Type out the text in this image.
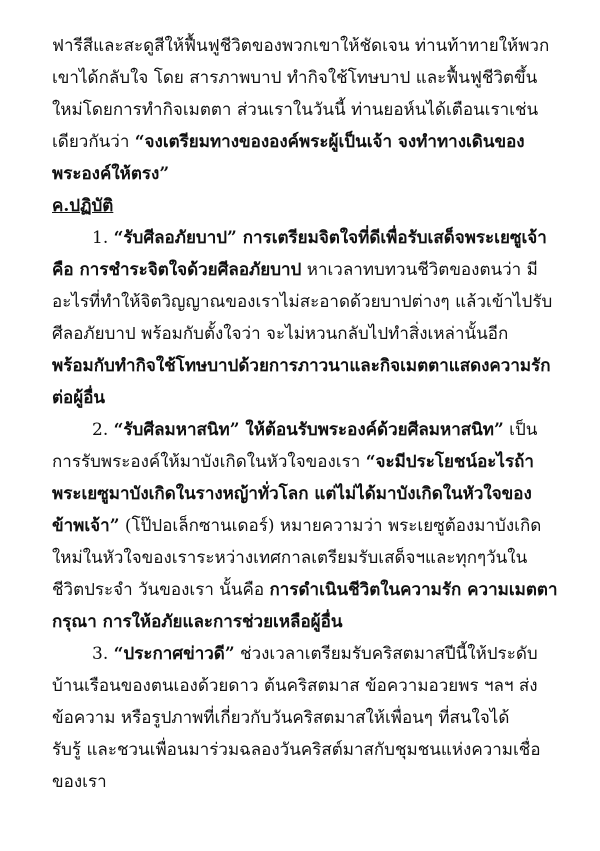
ฟารีสีและสะดูสีให้ฟื้นฟูชีวิตของพวกเขาให้ชัดเจน ท่านท้าทายให้พวก
เขาได้กลับใจ โดย สารภาพบาป ทำกิจใช้โทษบาป และฟื้นฟูชีวิตขึ้น
ใหม่โดยการทำกิจเมตตา ส่วนเราในวันนี้ ท่านยอห์นได้เตือนเราเช่น
เดียวกันว่า “จงเตรียมทางขององค์พระผู้เป็นเจ้า จงทำทางเดินของ
พระองค์ให้ตรง”
ค.ปฏิบัติ
1. “รับศีลอภัยบาป” การเตรียมจิตใจที่ดีเพื่อรับเสด็จพระเยซูเจ้า
คือ การชำระจิตใจด้วยศีลอภัยบาป หาเวลาทบทวนชีวิตของตนว่า มี
อะไรที่ทำให้จิตวิญญาณของเราไม่สะอาดด้วยบาปต่างๆ แล้วเข้าไปรับ
ศีลอภัยบาป พร้อมกับตั้งใจว่า จะไม่หวนกลับไปทำสิ่งเหล่านั้นอีก
พร้อมกับทำกิจใช้โทษบาปด้วยการภาวนาและกิจเมตตาแสดงความรัก
ต่อผู้อื่น
2. “รับศีลมหาสนิท” ให้ต้อนรับพระองค์ด้วยศีลมหาสนิท” เป็น
การรับพระองค์ให้มาบังเกิดในหัวใจของเรา “จะมีประโยชน์อะไรถ้า
พระเยซูมาบังเกิดในรางหญ้าทั่วโลก แต่ไม่ได้มาบังเกิดในหัวใจของ
ข้าพเจ้า” (โป๊ปอเล็กซานเดอร์) หมายความว่า พระเยซูต้องมาบังเกิด
ใหม่ในหัวใจของเราระหว่างเทศกาลเตรียมรับเสด็จฯและทุกๆวันใน
ชีวิตประจำ วันของเรา นั้นคือ การดำเนินชีวิตในความรัก ความเมตตา
กรุณา การให้อภัยและการช่วยเหลือผู้อื่น
3. “ประกาศข่าวดี” ช่วงเวลาเตรียมรับคริสตมาสปีนี้ให้ประดับ
บ้านเรือนของตนเองด้วยดาว ต้นคริสตมาส ข้อความอวยพร ฯลฯ ส่ง
ข้อความ หรือรูปภาพที่เกี่ยวกับวันคริสตมาสให้เพื่อนๆ ที่สนใจได้
รับรู้ และชวนเพื่อนมาร่วมฉลองวันคริสต์มาสกับชุมชนแห่งความเชื่อ
ของเรา
